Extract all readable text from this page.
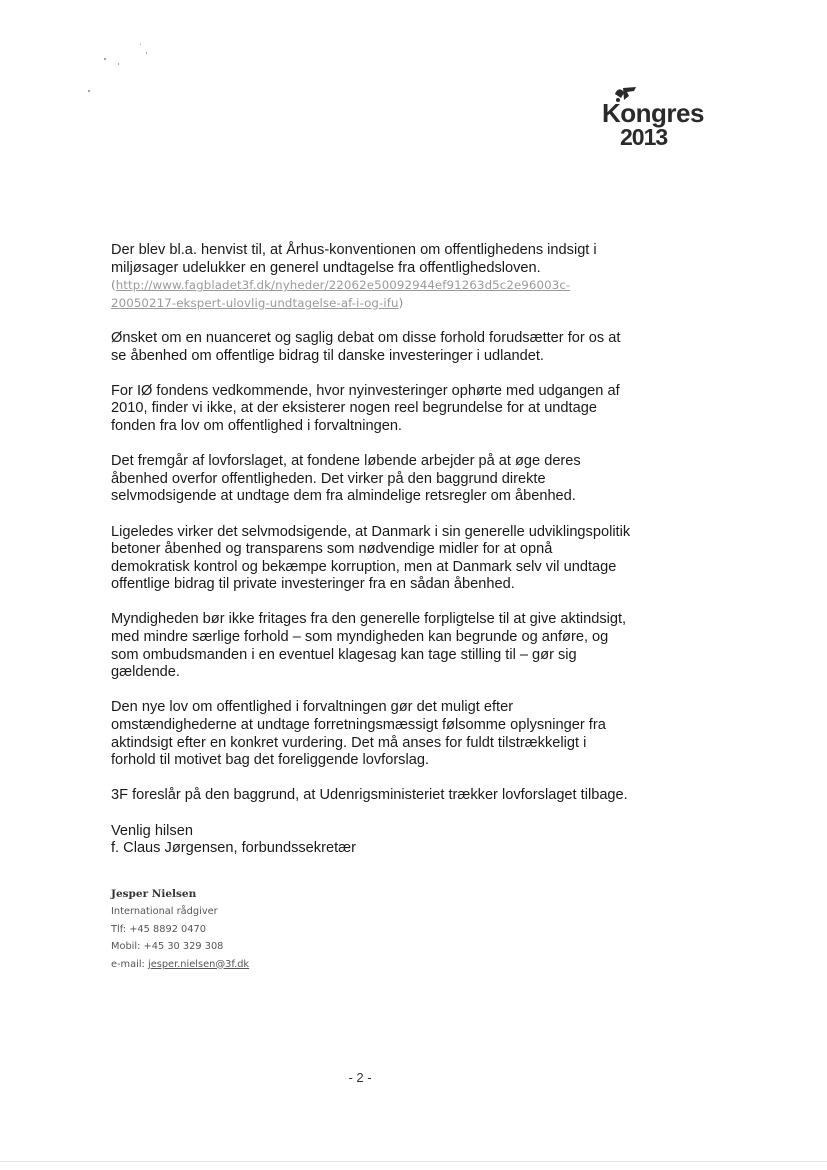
Kongres
2013

Der blev bl.a. henvist til, at Århus-konventionen om offentlighedens indsigt i miljøsager udelukker en generel undtagelse fra offentlighedsloven.
(http://www.fagbladet3f.dk/nyheder/22062e50092944ef91263d5c2e96003c-
20050217-ekspert-ulovlig-undtagelse-af-i-og-ifu)

Ønsket om en nuanceret og saglig debat om disse forhold forudsætter for os at se åbenhed om offentlige bidrag til danske investeringer i udlandet.

For IØ fondens vedkommende, hvor nyinvesteringer ophørte med udgangen af 2010, finder vi ikke, at der eksisterer nogen reel begrundelse for at undtage fonden fra lov om offentlighed i forvaltningen.

Det fremgår af lovforslaget, at fondene løbende arbejder på at øge deres åbenhed overfor offentligheden. Det virker på den baggrund direkte selvmodsigende at undtage dem fra almindelige retsregler om åbenhed.

Ligeledes virker det selvmodsigende, at Danmark i sin generelle udviklingspolitik betoner åbenhed og transparens som nødvendige midler for at opnå demokratisk kontrol og bekæmpe korruption, men at Danmark selv vil undtage offentlige bidrag til private investeringer fra en sådan åbenhed.

Myndigheden bør ikke fritages fra den generelle forpligtelse til at give aktindsigt, med mindre særlige forhold – som myndigheden kan begrunde og anføre, og som ombudsmanden i en eventuel klagesag kan tage stilling til – gør sig gældende.

Den nye lov om offentlighed i forvaltningen gør det muligt efter omstændighederne at undtage forretningsmæssigt følsomme oplysninger fra aktindsigt efter en konkret vurdering. Det må anses for fuldt tilstrækkeligt i forhold til motivet bag det foreliggende lovforslag.

3F foreslår på den baggrund, at Udenrigsministeriet trækker lovforslaget tilbage.

Venlig hilsen

f. Claus Jørgensen, forbundssekretær

Jesper Nielsen
International rådgiver
Tlf: +45 8892 0470
Mobil: +45 30 329 308
e-mail: jesper.nielsen@3f.dk
- 2 -
